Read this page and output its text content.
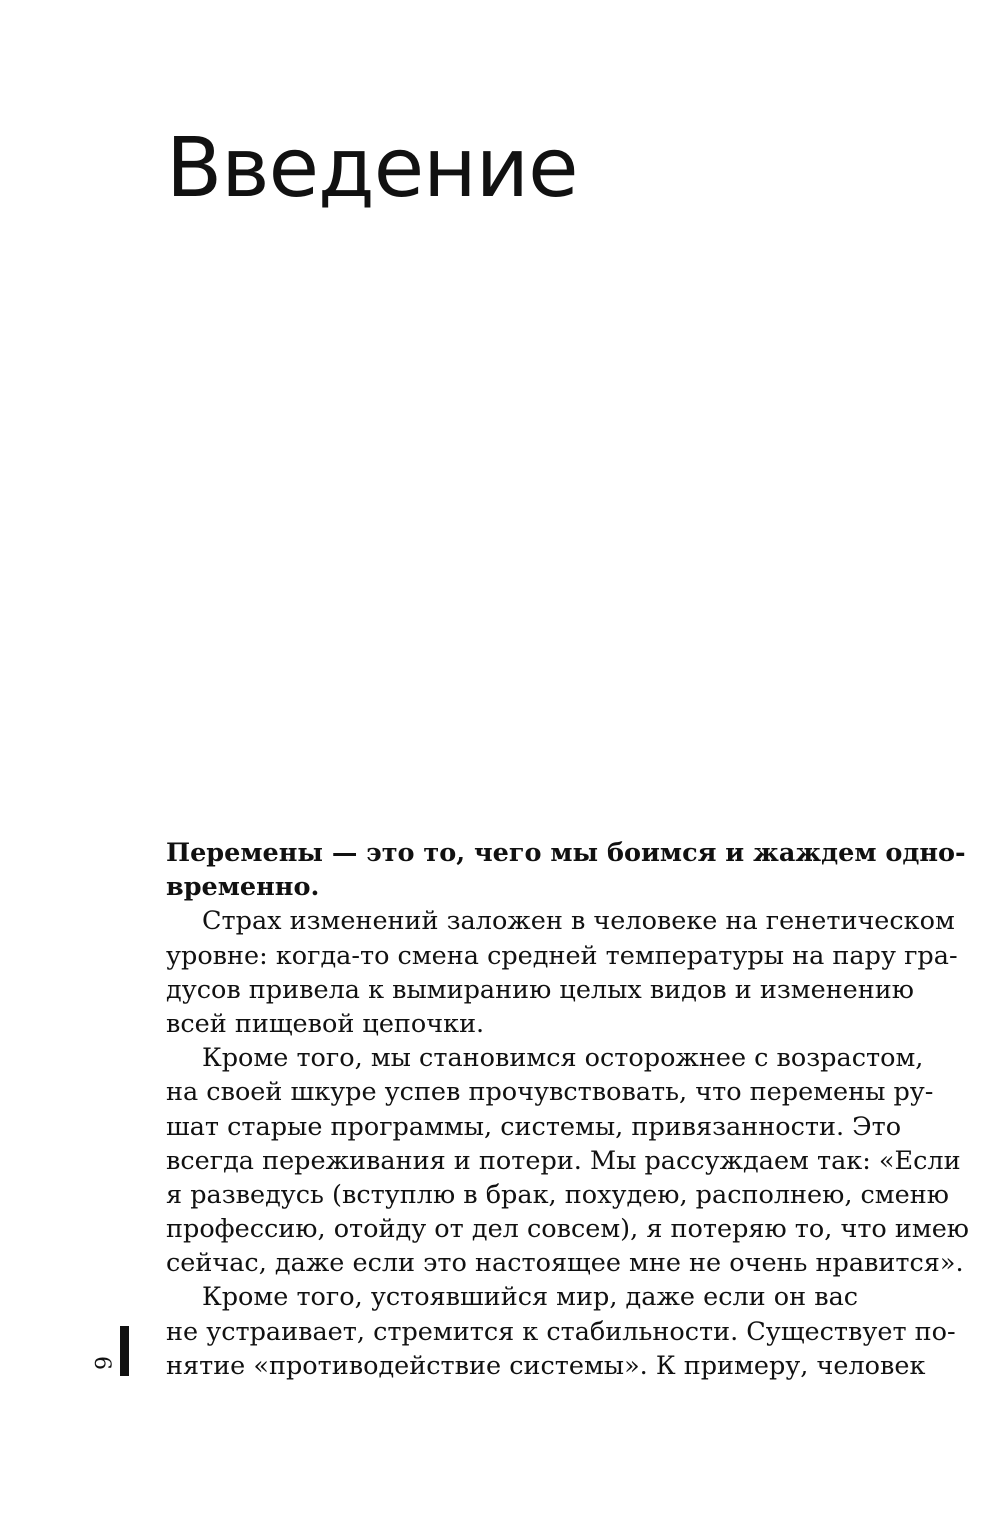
Введение
Перемены — это то, чего мы боимся и жаждем одно-
временно.
Страх изменений заложен в человеке на генетическом
уровне: когда-то смена средней температуры на пару гра-
дусов привела к вымиранию целых видов и изменению
всей пищевой цепочки.
Кроме того, мы становимся осторожнее с возрастом,
на своей шкуре успев прочувствовать, что перемены ру-
шат старые программы, системы, привязанности. Это
всегда переживания и потери. Мы рассуждаем так: «Если
я разведусь (вступлю в брак, похудею, располнею, сменю
профессию, отойду от дел совсем), я потеряю то, что имею
сейчас, даже если это настоящее мне не очень нравится».
Кроме того, устоявшийся мир, даже если он вас
не устраивает, стремится к стабильности. Существует по-
нятие «противодействие системы». К примеру, человек
6
